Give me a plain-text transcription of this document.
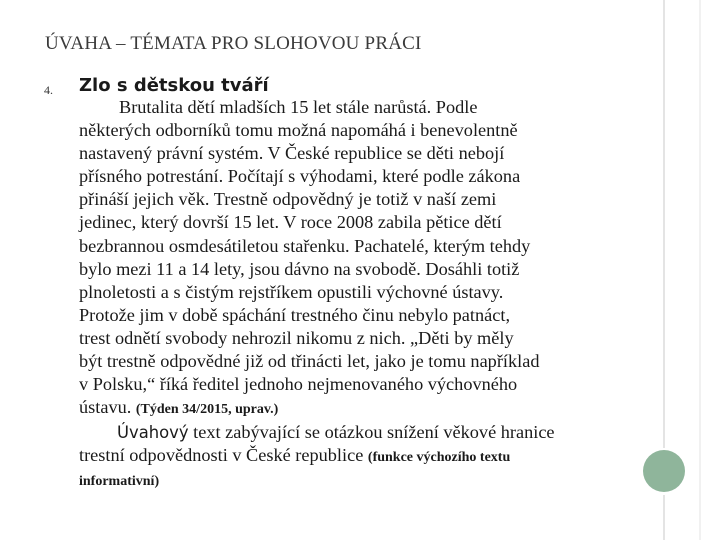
ÚVAHA – TÉMATA PRO SLOHOVOU PRÁCI
4. Zlo s dětskou tváří
Brutalita dětí mladších 15 let stále narůstá. Podle
některých odborníků tomu možná napomáhá i benevolentně
nastavený právní systém. V České republice se děti nebojí
přísného potrestání. Počítají s výhodami, které podle zákona
přináší jejich věk. Trestně odpovědný je totiž v naší zemi
jedinec, který dovrší 15 let. V roce 2008 zabila pětice dětí
bezbrannou osmdesátiletou stařenku. Pachatelé, kterým tehdy
bylo mezi 11 a 14 lety, jsou dávno na svobodě. Dosáhli totiž
plnoletosti a s čistým rejstříkem opustili výchovné ústavy.
Protože jim v době spáchání trestného činu nebylo patnáct,
trest odnětí svobody nehrozil nikomu z nich. „Děti by měly
být trestně odpovědné již od třinácti let, jako je tomu například
v Polsku,“ říká ředitel jednoho nejmenovaného výchovného
ústavu. (Týden 34/2015, uprav.)
Úvahový text zabývající se otázkou snížení věkové hranice
trestní odpovědnosti v České republice (funkce výchozího textu
informativní)
